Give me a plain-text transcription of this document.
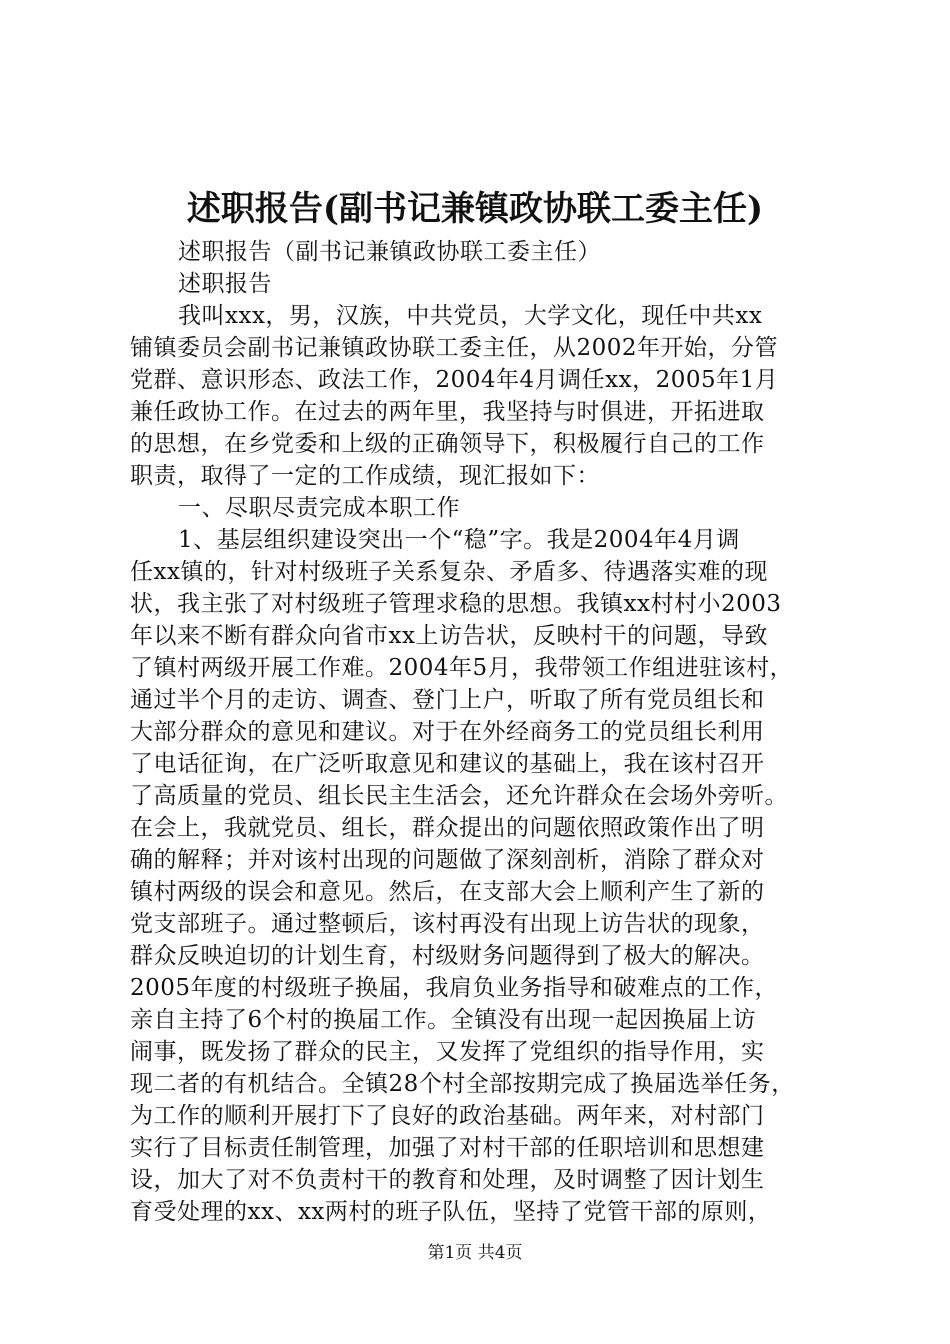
述职报告(副书记兼镇政协联工委主任)
述职报告（副书记兼镇政协联工委主任）
述职报告
我叫xxx，男，汉族，中共党员，大学文化，现任中共xx
铺镇委员会副书记兼镇政协联工委主任，从2002年开始，分管
党群、意识形态、政法工作，2004年4月调任xx，2005年1月
兼任政协工作。在过去的两年里，我坚持与时俱进，开拓进取
的思想，在乡党委和上级的正确领导下，积极履行自己的工作
职责，取得了一定的工作成绩，现汇报如下：
一、尽职尽责完成本职工作
1、基层组织建设突出一个“稳”字。我是2004年4月调
任xx镇的，针对村级班子关系复杂、矛盾多、待遇落实难的现
状，我主张了对村级班子管理求稳的思想。我镇xx村村小2003
年以来不断有群众向省市xx上访告状，反映村干的问题，导致
了镇村两级开展工作难。2004年5月，我带领工作组进驻该村，
通过半个月的走访、调查、登门上户，听取了所有党员组长和
大部分群众的意见和建议。对于在外经商务工的党员组长利用
了电话征询，在广泛听取意见和建议的基础上，我在该村召开
了高质量的党员、组长民主生活会，还允许群众在会场外旁听。
在会上，我就党员、组长，群众提出的问题依照政策作出了明
确的解释；并对该村出现的问题做了深刻剖析，消除了群众对
镇村两级的误会和意见。然后，在支部大会上顺利产生了新的
党支部班子。通过整顿后，该村再没有出现上访告状的现象，
群众反映迫切的计划生育，村级财务问题得到了极大的解决。
2005年度的村级班子换届，我肩负业务指导和破难点的工作，
亲自主持了6个村的换届工作。全镇没有出现一起因换届上访
闹事，既发扬了群众的民主，又发挥了党组织的指导作用，实
现二者的有机结合。全镇28个村全部按期完成了换届选举任务，
为工作的顺利开展打下了良好的政治基础。两年来，对村部门
实行了目标责任制管理，加强了对村干部的任职培训和思想建
设，加大了对不负责村干的教育和处理，及时调整了因计划生
育受处理的xx、xx两村的班子队伍，坚持了党管干部的原则，
第1页 共4页
